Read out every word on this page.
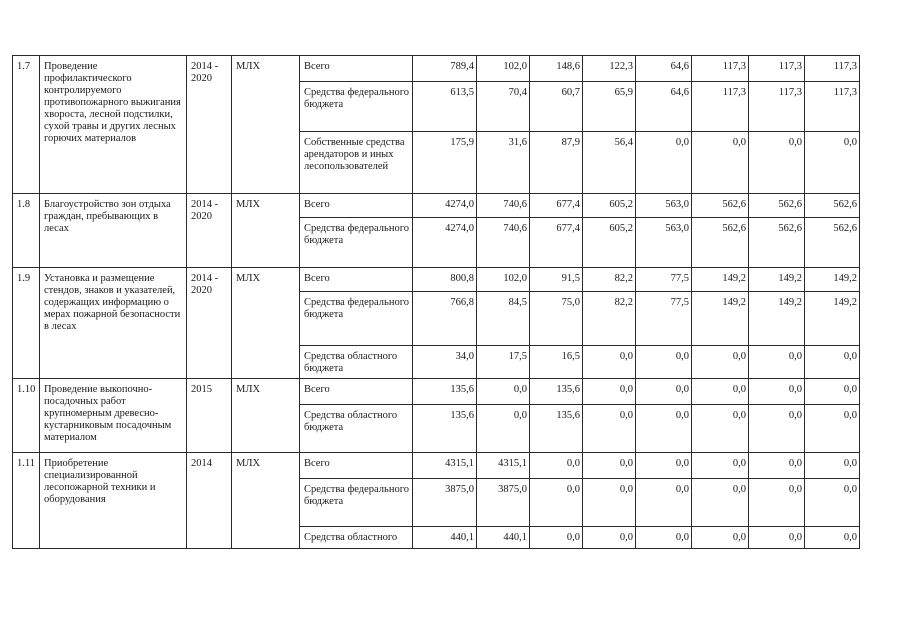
1.7	Проведение профилактического контролируемого противопожарного выжигания хвороста, лесной подстилки, сухой травы и других лесных горючих материалов	2014 - 2020	МЛХ	Всего	789,4	102,0	148,6	122,3	64,6	117,3	117,3	117,3
				Средства федерального бюджета	613,5	70,4	60,7	65,9	64,6	117,3	117,3	117,3
				Собственные средства арендаторов и иных лесопользователей	175,9	31,6	87,9	56,4	0,0	0,0	0,0	0,0
1.8	Благоустройство зон отдыха граждан, пребывающих в лесах	2014 - 2020	МЛХ	Всего	4274,0	740,6	677,4	605,2	563,0	562,6	562,6	562,6
				Средства федерального бюджета	4274,0	740,6	677,4	605,2	563,0	562,6	562,6	562,6
1.9	Установка и размещение стендов, знаков и указателей, содержащих информацию о мерах пожарной безопасности в лесах	2014 - 2020	МЛХ	Всего	800,8	102,0	91,5	82,2	77,5	149,2	149,2	149,2
				Средства федерального бюджета	766,8	84,5	75,0	82,2	77,5	149,2	149,2	149,2
				Средства областного бюджета	34,0	17,5	16,5	0,0	0,0	0,0	0,0	0,0
1.10	Проведение выкопочно-посадочных работ крупномерным древесно-кустарниковым посадочным материалом	2015	МЛХ	Всего	135,6	0,0	135,6	0,0	0,0	0,0	0,0	0,0
				Средства областного бюджета	135,6	0,0	135,6	0,0	0,0	0,0	0,0	0,0
1.11	Приобретение специализированной лесопожарной техники и оборудования	2014	МЛХ	Всего	4315,1	4315,1	0,0	0,0	0,0	0,0	0,0	0,0
				Средства федерального бюджета	3875,0	3875,0	0,0	0,0	0,0	0,0	0,0	0,0
				Средства областного	440,1	440,1	0,0	0,0	0,0	0,0	0,0	0,0
